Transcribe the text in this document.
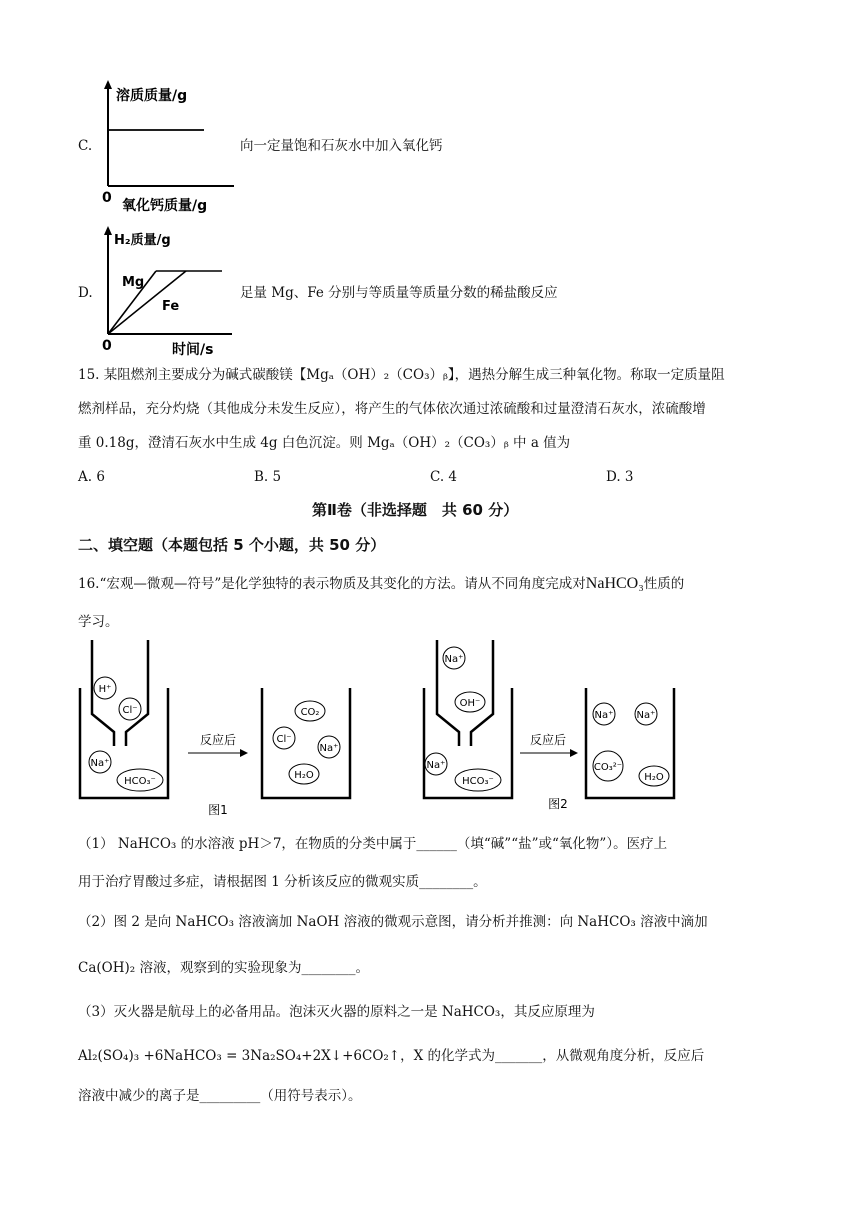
C.
溶质质量/g
0 氧化钙质量/g
向一定量饱和石灰水中加入氧化钙
D.
H₂质量/g
Mg
Fe
0	时间/s
足量 Mg、Fe 分别与等质量等质量分数的稀盐酸反应
15. 某阻燃剂主要成分为碱式碳酸镁【Mgₐ（OH）₂（CO₃）ᵦ】，遇热分解生成三种氧化物。称取一定质量阻
燃剂样品，充分灼烧（其他成分未发生反应），将产生的气体依次通过浓硫酸和过量澄清石灰水，浓硫酸增
重 0.18g，澄清石灰水中生成 4g 白色沉淀。则 Mgₐ（OH）₂（CO₃）ᵦ 中 a 值为
A. 6	B. 5	C. 4	D. 3
第Ⅱ卷（非选择题　共 60 分）
二、填空题（本题包括 5 个小题，共 50 分）
16.“宏观—微观—符号”是化学独特的表示物质及其变化的方法。请从不同角度完成对NaHCO₃性质的
学习。
H⁺
Cl⁻
Na⁺
HCO₃⁻
反应后
CO₂
Cl⁻
Na⁺
H₂O
图1
Na⁺
OH⁻
Na⁺
HCO₃⁻
反应后
Na⁺ Na⁺
CO₃²⁻
H₂O
图2
（1） NaHCO₃ 的水溶液 pH＞7，在物质的分类中属于______（填“碱”“盐”或“氧化物”）。医疗上
用于治疗胃酸过多症，请根据图 1 分析该反应的微观实质________。
（2）图 2 是向 NaHCO₃ 溶液滴加 NaOH 溶液的微观示意图，请分析并推测：向 NaHCO₃ 溶液中滴加
Ca(OH)₂ 溶液，观察到的实验现象为________。
（3）灭火器是航母上的必备用品。泡沫灭火器的原料之一是 NaHCO₃，其反应原理为
Al₂(SO₄)₃ +6NaHCO₃ = 3Na₂SO₄+2X↓+6CO₂↑，X 的化学式为_______，从微观角度分析，反应后
溶液中减少的离子是_________（用符号表示）。
